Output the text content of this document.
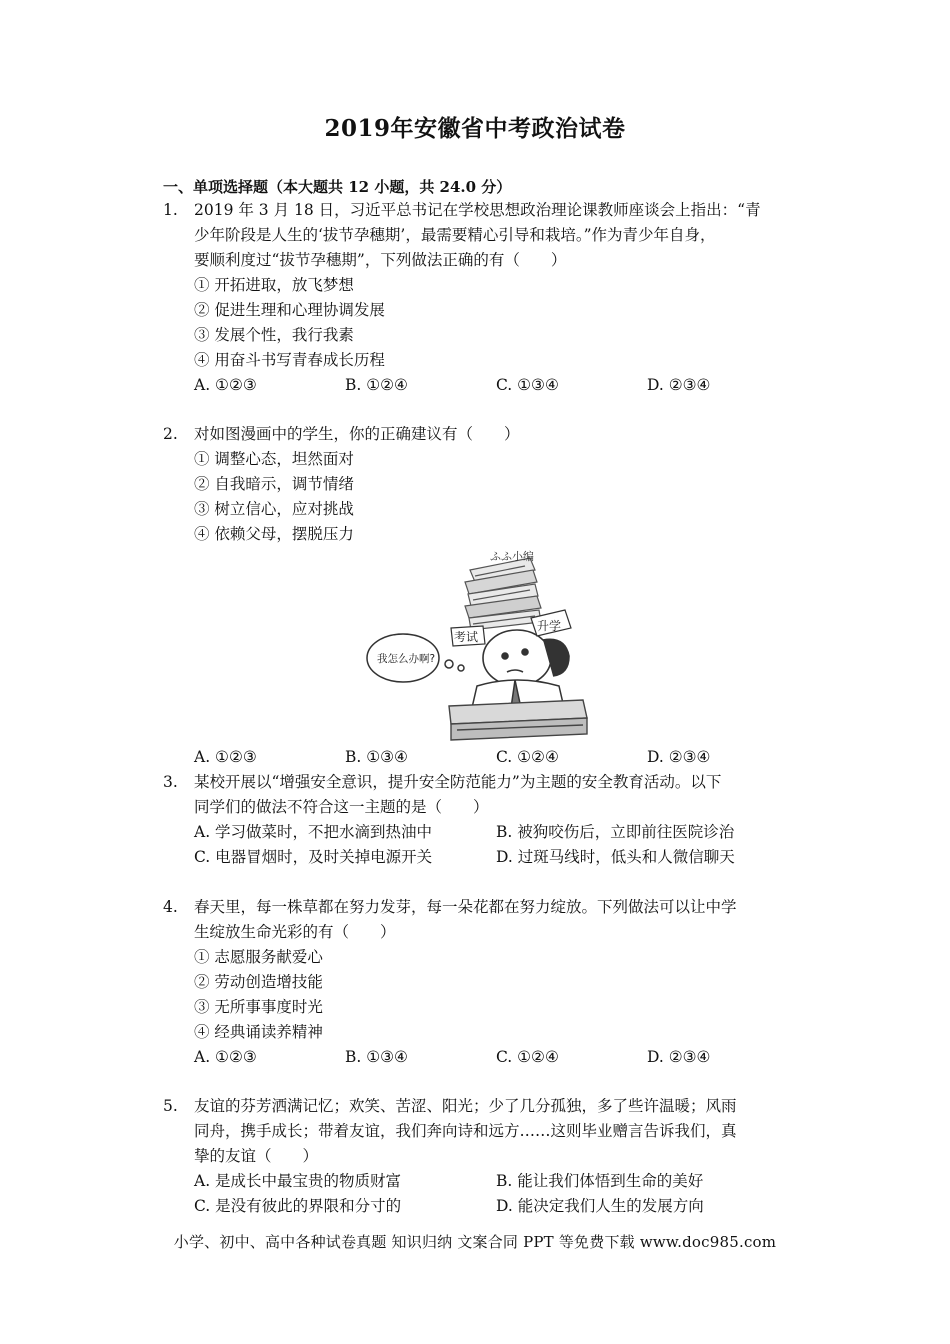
2019年安徽省中考政治试卷
一、单项选择题（本大题共 12 小题，共 24.0 分）
1.	2019 年 3 月 18 日，习近平总书记在学校思想政治理论课教师座谈会上指出：“青
少年阶段是人生的‘拔节孕穗期’，最需要精心引导和栽培。”作为青少年自身，
要顺利度过“拔节孕穗期”，下列做法正确的有（　　）
① 开拓进取，放飞梦想
② 促进生理和心理协调发展
③ 发展个性，我行我素
④ 用奋斗书写青春成长历程
A. ①②③	B. ①②④	C. ①③④	D. ②③④
2.	对如图漫画中的学生，你的正确建议有（　　）
① 调整心态，坦然面对
② 自我暗示，调节情绪
③ 树立信心，应对挑战
④ 依赖父母，摆脱压力
ふふ小编
考试
升学
我怎么办啊?
A. ①②③	B. ①③④	C. ①②④	D. ②③④
3.	某校开展以“增强安全意识，提升安全防范能力”为主题的安全教育活动。以下
同学们的做法不符合这一主题的是（　　）
A. 学习做菜时，不把水滴到热油中	B. 被狗咬伤后，立即前往医院诊治
C. 电器冒烟时，及时关掉电源开关	D. 过斑马线时，低头和人微信聊天
4.	春天里，每一株草都在努力发芽，每一朵花都在努力绽放。下列做法可以让中学
生绽放生命光彩的有（　　）
① 志愿服务献爱心
② 劳动创造增技能
③ 无所事事度时光
④ 经典诵读养精神
A. ①②③	B. ①③④	C. ①②④	D. ②③④
5.	友谊的芬芳洒满记忆；欢笑、苦涩、阳光；少了几分孤独，多了些许温暖；风雨
同舟，携手成长；带着友谊，我们奔向诗和远方……这则毕业赠言告诉我们，真
挚的友谊（　　）
A. 是成长中最宝贵的物质财富	B. 能让我们体悟到生命的美好
C. 是没有彼此的界限和分寸的	D. 能决定我们人生的发展方向
小学、初中、高中各种试卷真题 知识归纳 文案合同 PPT 等免费下载 www.doc985.com
